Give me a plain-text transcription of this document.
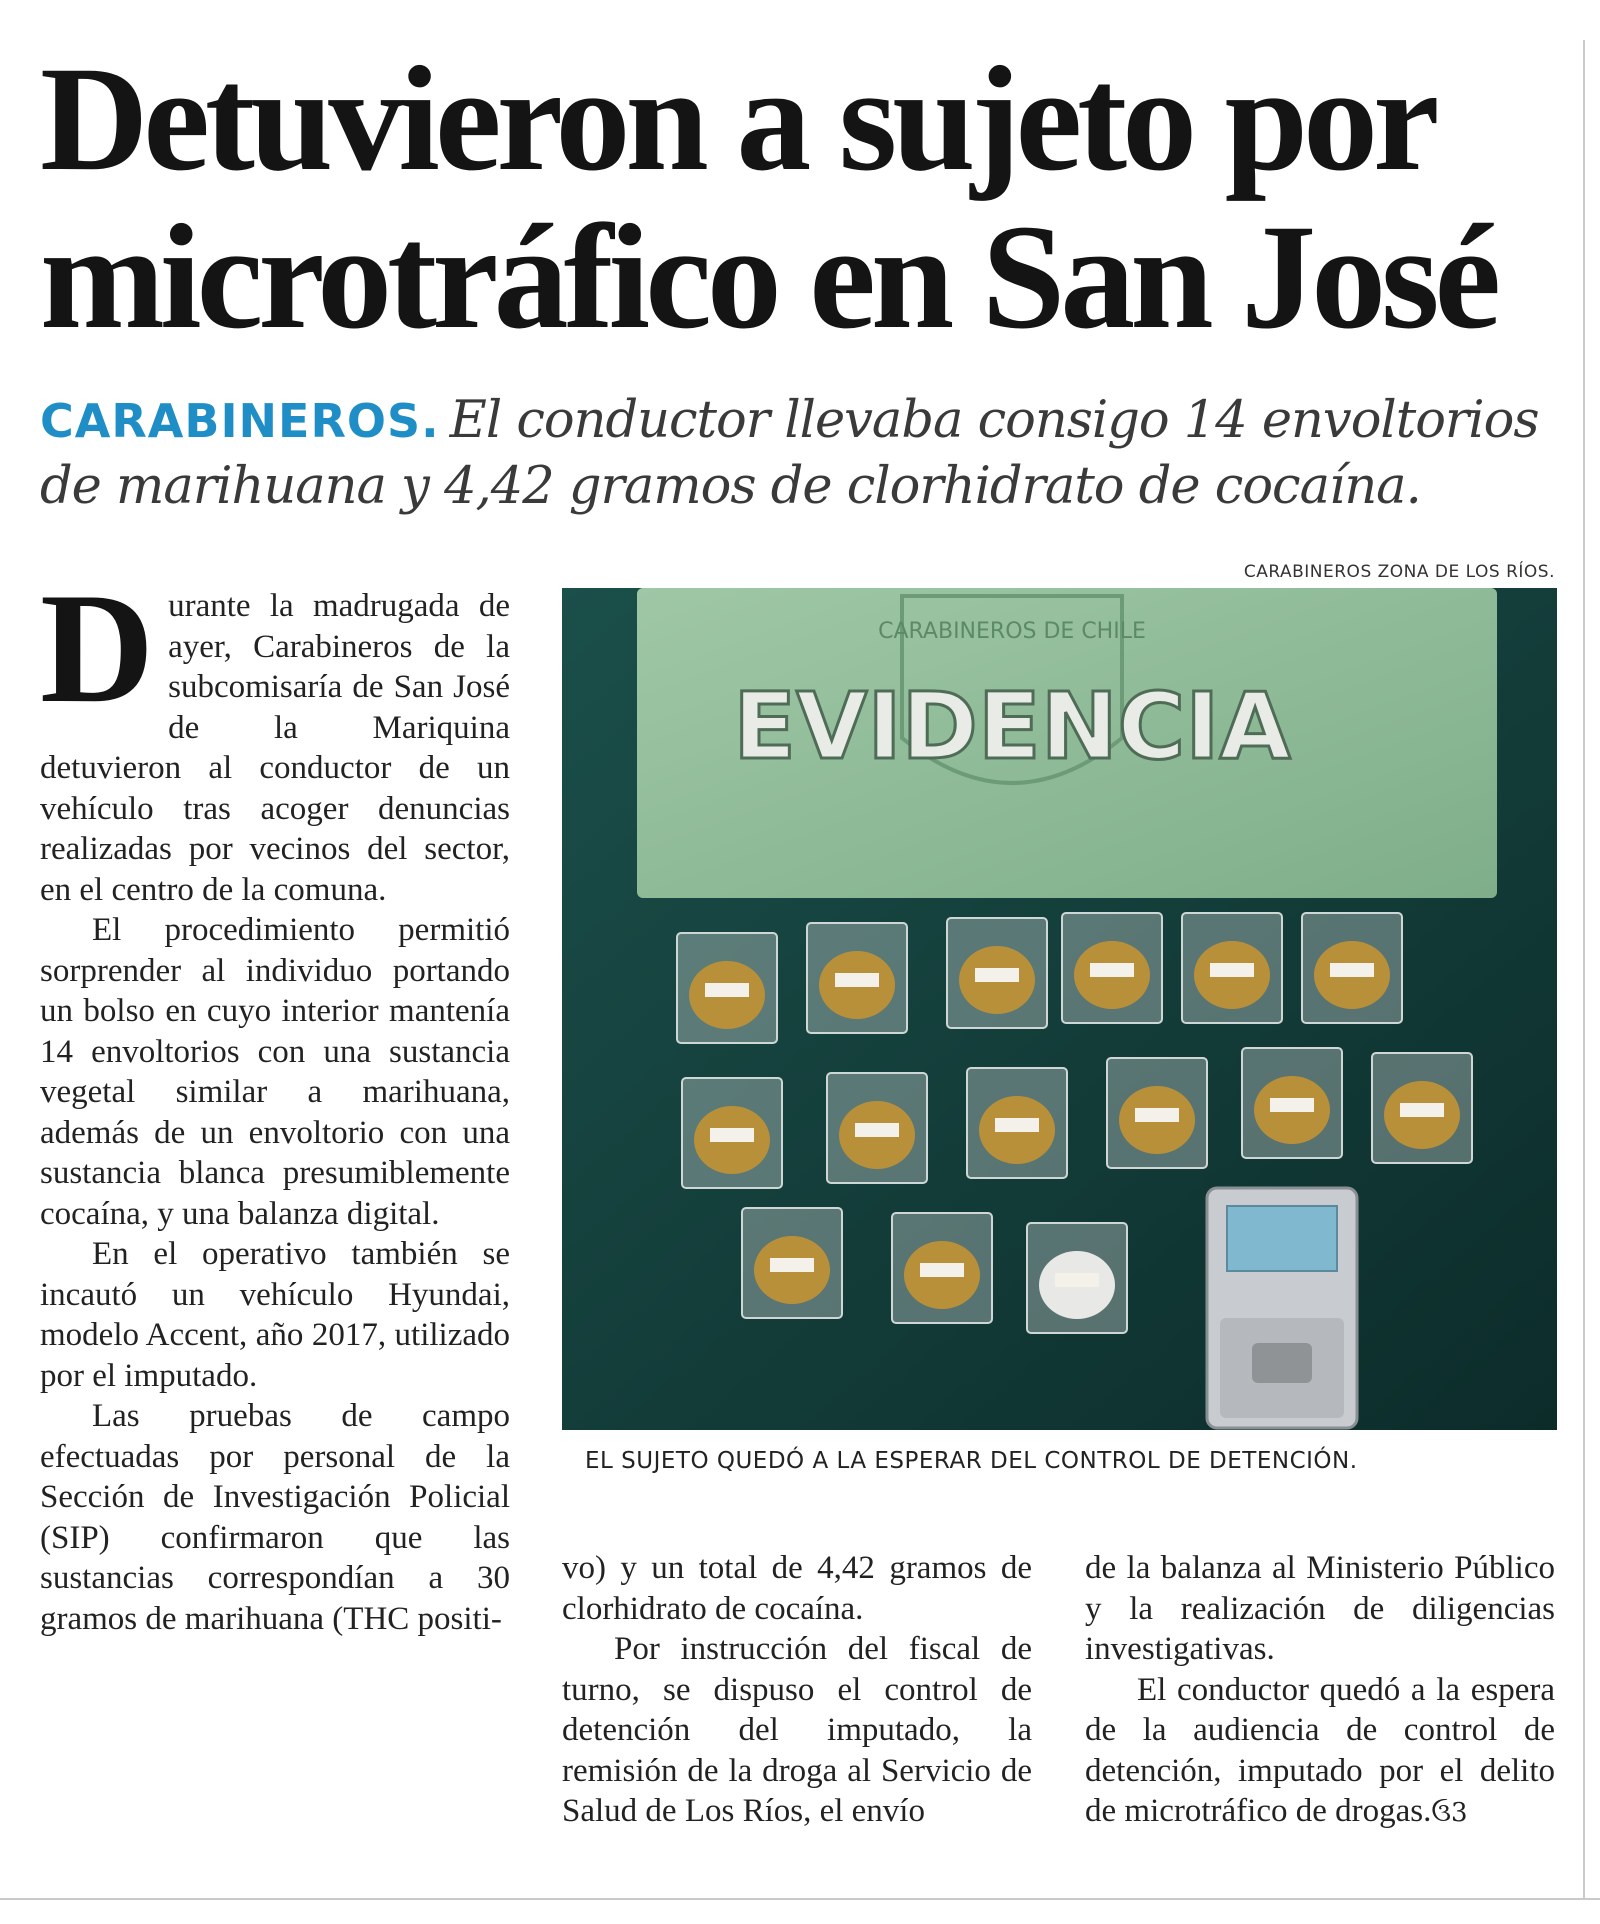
Detuvieron a sujeto por
microtráfico en San José

CARABINEROS. El conductor llevaba consigo 14 envoltorios de marihuana y 4,42 gramos de clorhidrato de cocaína.

Durante la madrugada de ayer, Carabineros de la subcomisaría de San José de la Mariquina detuvieron al conductor de un vehículo tras acoger denuncias realizadas por vecinos del sector, en el centro de la comuna.

El procedimiento permitió sorprender al individuo portando un bolso en cuyo interior mantenía 14 envoltorios con una sustancia vegetal similar a marihuana, además de un envoltorio con una sustancia blanca presumiblemente cocaína, y una balanza digital.

En el operativo también se incautó un vehículo Hyundai, modelo Accent, año 2017, utilizado por el imputado.

Las pruebas de campo efectuadas por personal de la Sección de Investigación Policial (SIP) confirmaron que las sustancias correspondían a 30 gramos de marihuana (THC positi-

CARABINEROS ZONA DE LOS RÍOS.
CARABINEROS DE CHILE
EVIDENCIA
EL SUJETO QUEDÓ A LA ESPERAR DEL CONTROL DE DETENCIÓN.

vo) y un total de 4,42 gramos de clorhidrato de cocaína.

Por instrucción del fiscal de turno, se dispuso el control de detención del imputado, la remisión de la droga al Servicio de Salud de Los Ríos, el envío

de la balanza al Ministerio Público y la realización de diligencias investigativas.

El conductor quedó a la espera de la audiencia de control de detención, imputado por el delito de microtráfico de drogas.ઉ3
